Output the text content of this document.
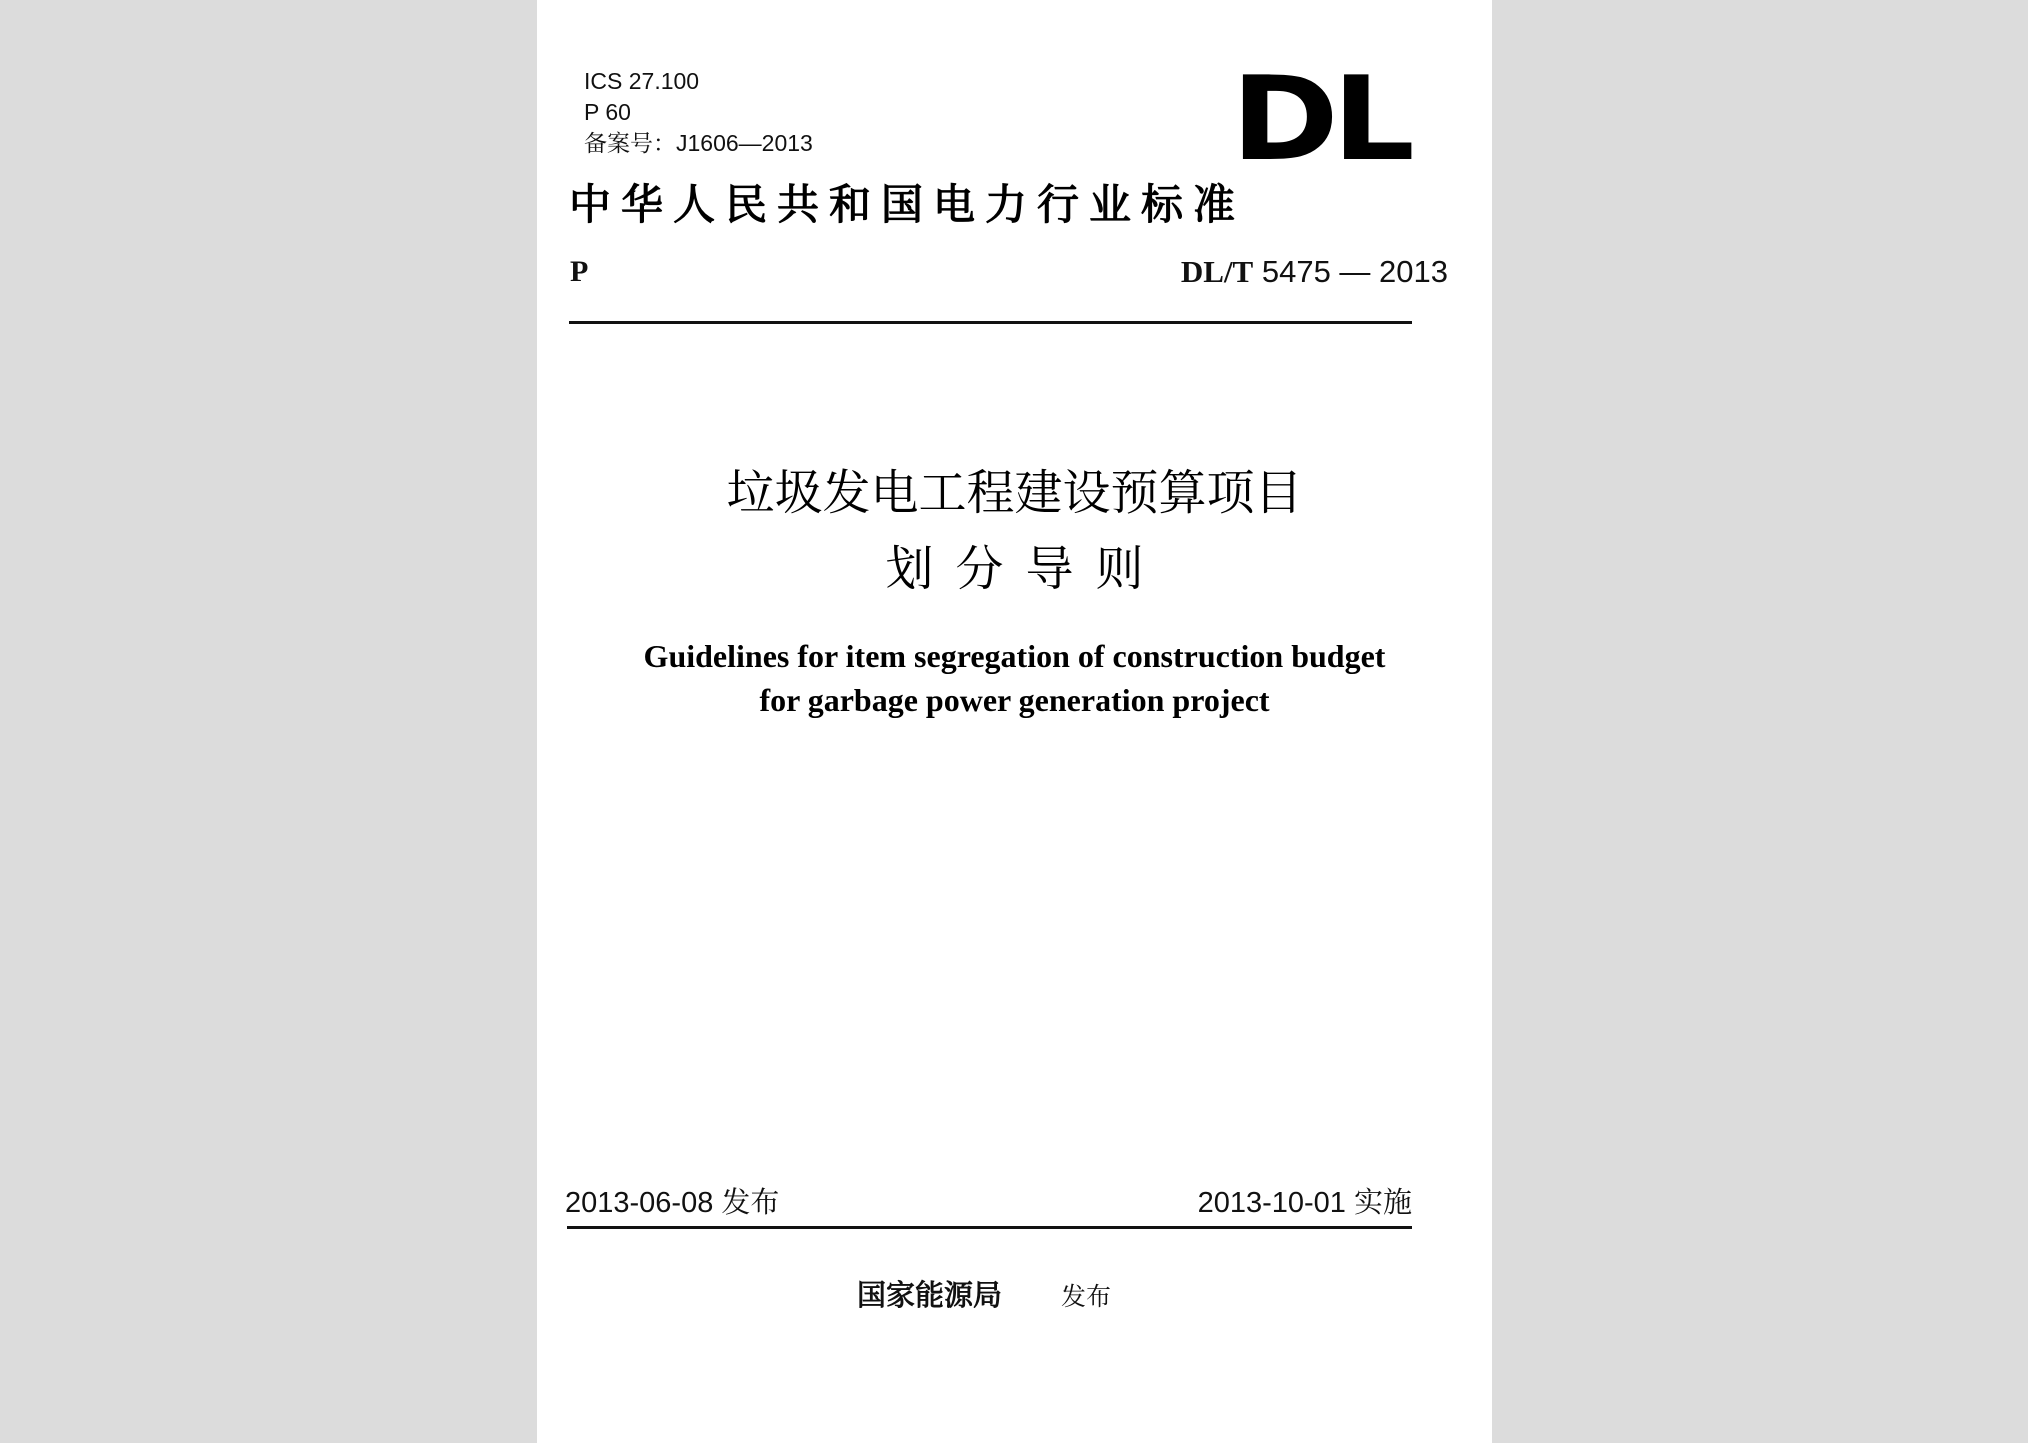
ICS 27.100
P 60
备案号：J1606—2013	DL
中华人民共和国电力行业标准
P	DL/T 5475 — 2013
垃圾发电工程建设预算项目
划分导则
Guidelines for item segregation of construction budget
for garbage power generation project
2013-06-08 发布	2013-10-01 实施
国家能源局 发布
